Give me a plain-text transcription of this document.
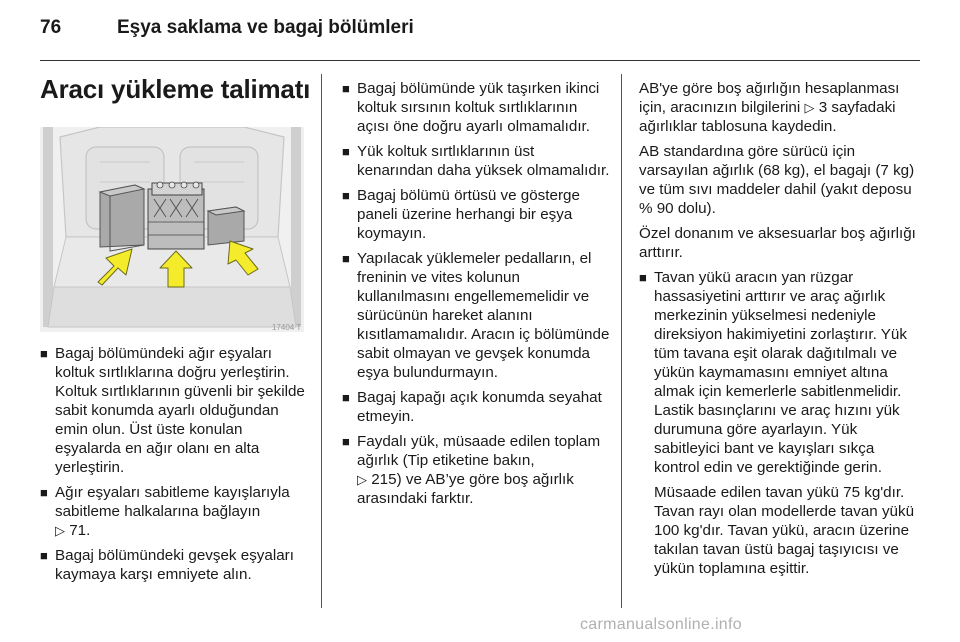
76	Eşya saklama ve bagaj bölümleri
Aracı yükleme talimatı
17404 T
■ Bagaj bölümündeki ağır eşyaları koltuk sırtlıklarına doğru yerleştirin. Koltuk sırtlıklarının güvenli bir şekilde sabit konumda ayarlı olduğundan emin olun. Üst üste konulan eşyalarda en ağır olanı en alta yerleştirin.
■ Ağır eşyaları sabitleme kayışlarıyla sabitleme halkalarına bağlayın
▷ 71.
■ Bagaj bölümündeki gevşek eşyaları kaymaya karşı emniyete alın.
■ Bagaj bölümünde yük taşırken ikinci koltuk sırsının koltuk sırtlıklarının açısı öne doğru ayarlı olmamalıdır.
■ Yük koltuk sırtlıklarının üst kenarından daha yüksek olmamalıdır.
■ Bagaj bölümü örtüsü ve gösterge paneli üzerine herhangi bir eşya koymayın.
■ Yapılacak yüklemeler pedalların, el freninin ve vites kolunun kullanılmasını engellememelidir ve sürücünün hareket alanını kısıtlamamalıdır. Aracın iç bölümünde sabit olmayan ve gevşek konumda eşya bulundurmayın.
■ Bagaj kapağı açık konumda seyahat etmeyin.
■ Faydalı yük, müsaade edilen toplam ağırlık (Tip etiketine bakın,
▷ 215) ve AB’ye göre boş ağırlık arasındaki farktır.
AB'ye göre boş ağırlığın hesaplanması için, aracınızın bilgilerini ▷ 3 sayfadaki ağırlıklar tablosuna kaydedin.
AB standardına göre sürücü için varsayılan ağırlık (68 kg), el bagajı (7 kg) ve tüm sıvı maddeler dahil (yakıt deposu % 90 dolu).
Özel donanım ve aksesuarlar boş ağırlığı arttırır.
■ Tavan yükü aracın yan rüzgar hassasiyetini arttırır ve araç ağırlık merkezinin yükselmesi nedeniyle direksiyon hakimiyetini zorlaştırır. Yük tüm tavana eşit olarak dağıtılmalı ve yükün kaymamasını emniyet altına almak için kemerlerle sabitlenmelidir. Lastik basınçlarını ve araç hızını yük durumuna göre ayarlayın. Yük sabitleyici bant ve kayışları sıkça kontrol edin ve gerektiğinde gerin.
Müsaade edilen tavan yükü 75 kg'dır. Tavan rayı olan modellerde tavan yükü 100 kg'dır. Tavan yükü, aracın üzerine takılan tavan üstü bagaj taşıyıcısı ve yükün toplamına eşittir.
carmanualsonline.info
